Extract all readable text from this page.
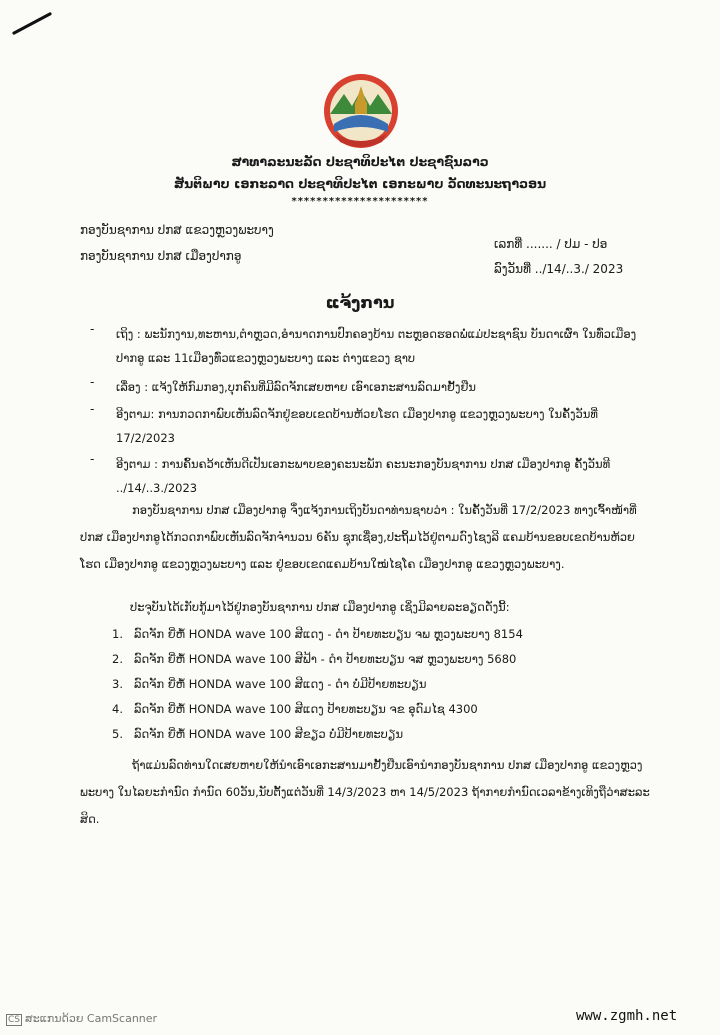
ສາທາລະນະລັດ ປະຊາທິປະໄຕ ປະຊາຊົນລາວ
ສັນຕິພາບ ເອກະລາດ ປະຊາທິປະໄຕ ເອກະພາບ ວັດທະນະຖາວອນ
**********************
ກອງບັນຊາການ ປກສ ແຂວງຫຼວງພະບາງ
ກອງບັນຊາການ ປກສ ເມືອງປາກອູ
ເລກທີ່ ....... / ປມ - ປອ
ລົງວັນທີ່ ../14/..3./ 2023
ແຈ້ງການ
- ເຖິງ : ພະນັກງານ,ທະຫານ,ຕຳຫຼວດ,ອຳນາດການປົກຄອງບ້ານ ຕະຫຼອດຮອດພໍ່ແມ່ປະຊາຊົນ ບັນດາເຜົ່າ ໃນທົ່ວເມືອງປາກອູ ແລະ 11ເມືອງທົ່ວແຂວງຫຼວງພະບາງ ແລະ ຕ່າງແຂວງ ຊາບ
- ເລື່ອງ : ແຈ້ງໃຫ້ກົມກອງ,ບຸກຄົນທີ່ມີລົດຈັກເສຍຫາຍ ເອົາເອກະສານລົດມາຢັ້ງຢືນ
- ອີງຕາມ: ການກວດກາພົບເຫັນລົດຈັກຢູ່ຂອບເຂດບ້ານຫ້ວຍໂຮດ ເມືອງປາກອູ ແຂວງຫຼວງພະບາງ ໃນຄັ້ງວັນທີ່ 17/2/2023
- ອີງຕາມ : ການຄົ້ນຄວ້າເຫັນດີເປັນເອກະພາບຂອງຄະນະພັກ ຄະນະກອງບັນຊາການ ປກສ ເມືອງປາກອູ ຄັ້ງວັນທີ ../14/..3./2023
ກອງບັນຊາການ ປກສ ເມືອງປາກອູ ຈຶ່ງແຈ້ງການເຖິງບັນດາທ່ານຊາບວ່າ : ໃນຄັ້ງວັນທີ່ 17/2/2023 ທາງເຈົ້າໜ້າທີ່ ປກສ ເມືອງປາກອູໄດ້ກວດກາພົບເຫັນລົດຈັກຈຳນວນ 6ຄັນ ຊຸກເຊື່ອງ,ປະຖິ້ມໄວ້ຢູ່ຕາມດົງໄຊງລີ ແຄມບ້ານຂອບເຂດບ້ານຫ້ວຍໂຮດ ເມືອງປາກອູ ແຂວງຫຼວງພະບາງ ແລະ ຢູ່ຂອບເຂດແຄມບ້ານໃໝ່ໄຊໂຄ ເມືອງປາກອູ ແຂວງຫຼວງພະບາງ.
ປະຈຸບັນໄດ້ເກັບກູ້ມາໄວ້ຢູ່ກອງບັນຊາການ ປກສ ເມືອງປາກອູ ເຊິ່ງມີລາຍລະອຽດດັ່ງນີ້:
1. ລົດຈັກ ຍີ່ຫໍ້ HONDA wave 100 ສີແດງ - ດຳ ປ້າຍທະບຽນ ຈພ ຫຼວງພະບາງ 8154
2. ລົດຈັກ ຍີ່ຫໍ້ HONDA wave 100 ສີຟ້າ - ດຳ ປ້າຍທະບຽນ ຈສ ຫຼວງພະບາງ 5680
3. ລົດຈັກ ຍີ່ຫໍ້ HONDA wave 100 ສີແດງ - ດຳ ບໍ່ມີປ້າຍທະບຽນ
4. ລົດຈັກ ຍີ່ຫໍ້ HONDA wave 100 ສີແດງ ປ້າຍທະບຽນ ຈຂ ອຸດົມໄຊ 4300
5. ລົດຈັກ ຍີ່ຫໍ້ HONDA wave 100 ສີຂຽວ ບໍ່ມີປ້າຍທະບຽນ
ຖ້າແມ່ນລົດທ່ານໃດເສຍຫາຍໃຫ້ນຳເອົາເອກະສານມາຢັ້ງຢືນເອົານຳກອງບັນຊາການ ປກສ ເມືອງປາກອູ ແຂວງຫຼວງພະບາງ ໃນໄລຍະກຳນົດ ກຳນົດ 60ວັນ,ນັບຕັ້ງແຕ່ວັນທີ່ 14/3/2023 ຫາ 14/5/2023 ຖ້າກາຍກຳນົດເວລາຂ້າງເທິງຖືວ່າສະລະສິດ.
CS ສະແກນດ້ວຍ CamScanner	www.zgmh.net
